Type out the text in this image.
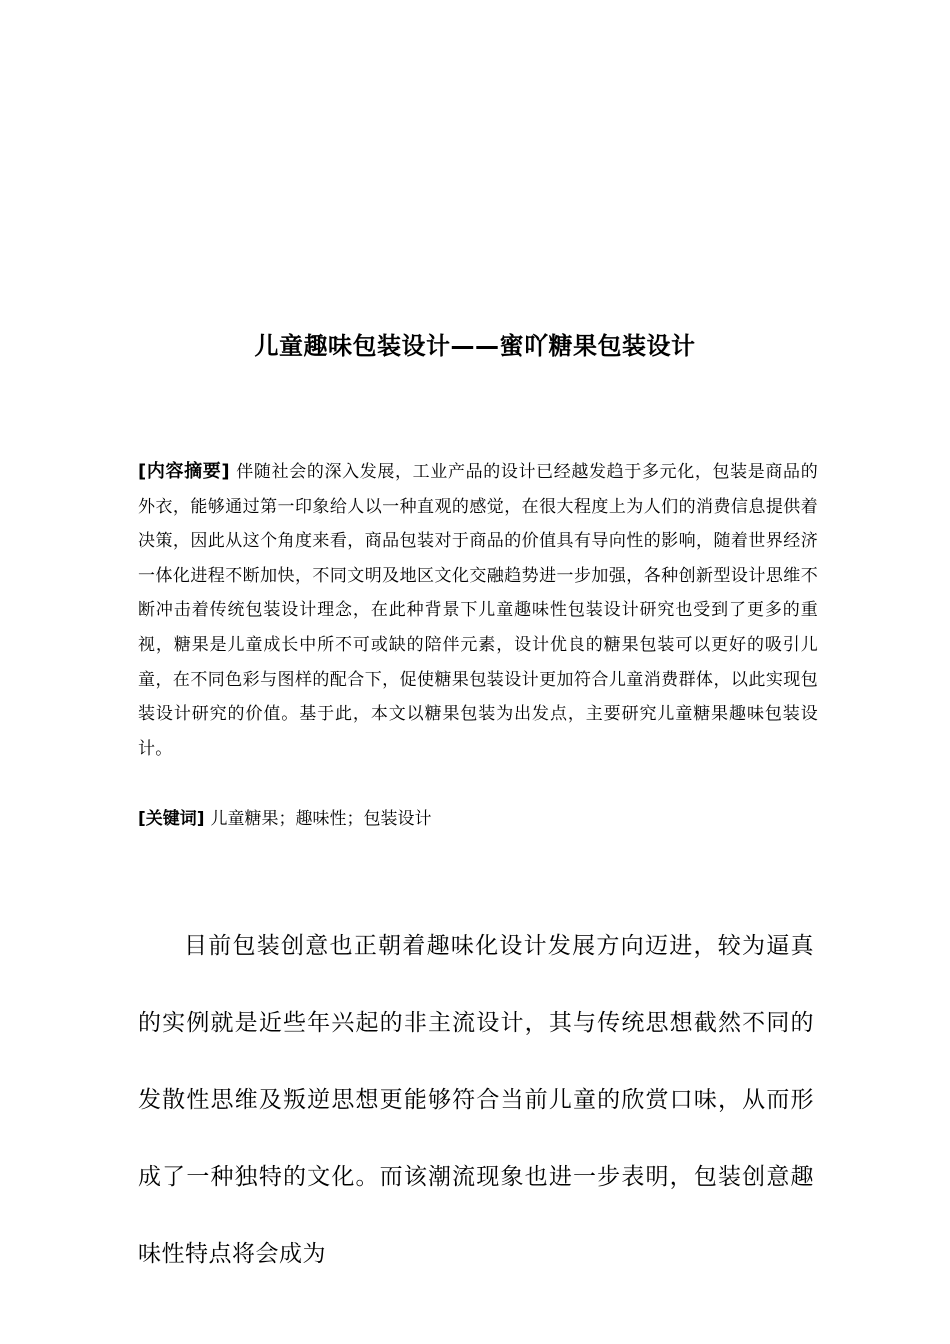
儿童趣味包装设计——蜜吖糖果包装设计
[内容摘要] 伴随社会的深入发展，工业产品的设计已经越发趋于多元化，包装是商品的外衣，能够通过第一印象给人以一种直观的感觉，在很大程度上为人们的消费信息提供着决策，因此从这个角度来看，商品包装对于商品的价值具有导向性的影响，随着世界经济一体化进程不断加快，不同文明及地区文化交融趋势进一步加强，各种创新型设计思维不断冲击着传统包装设计理念，在此种背景下儿童趣味性包装设计研究也受到了更多的重视，糖果是儿童成长中所不可或缺的陪伴元素，设计优良的糖果包装可以更好的吸引儿童，在不同色彩与图样的配合下，促使糖果包装设计更加符合儿童消费群体，以此实现包装设计研究的价值。基于此，本文以糖果包装为出发点，主要研究儿童糖果趣味包装设计。
[关键词] 儿童糖果；趣味性；包装设计
目前包装创意也正朝着趣味化设计发展方向迈进，较为逼真的实例就是近些年兴起的非主流设计，其与传统思想截然不同的发散性思维及叛逆思想更能够符合当前儿童的欣赏口味，从而形成了一种独特的文化。而该潮流现象也进一步表明，包装创意趣味性特点将会成为
